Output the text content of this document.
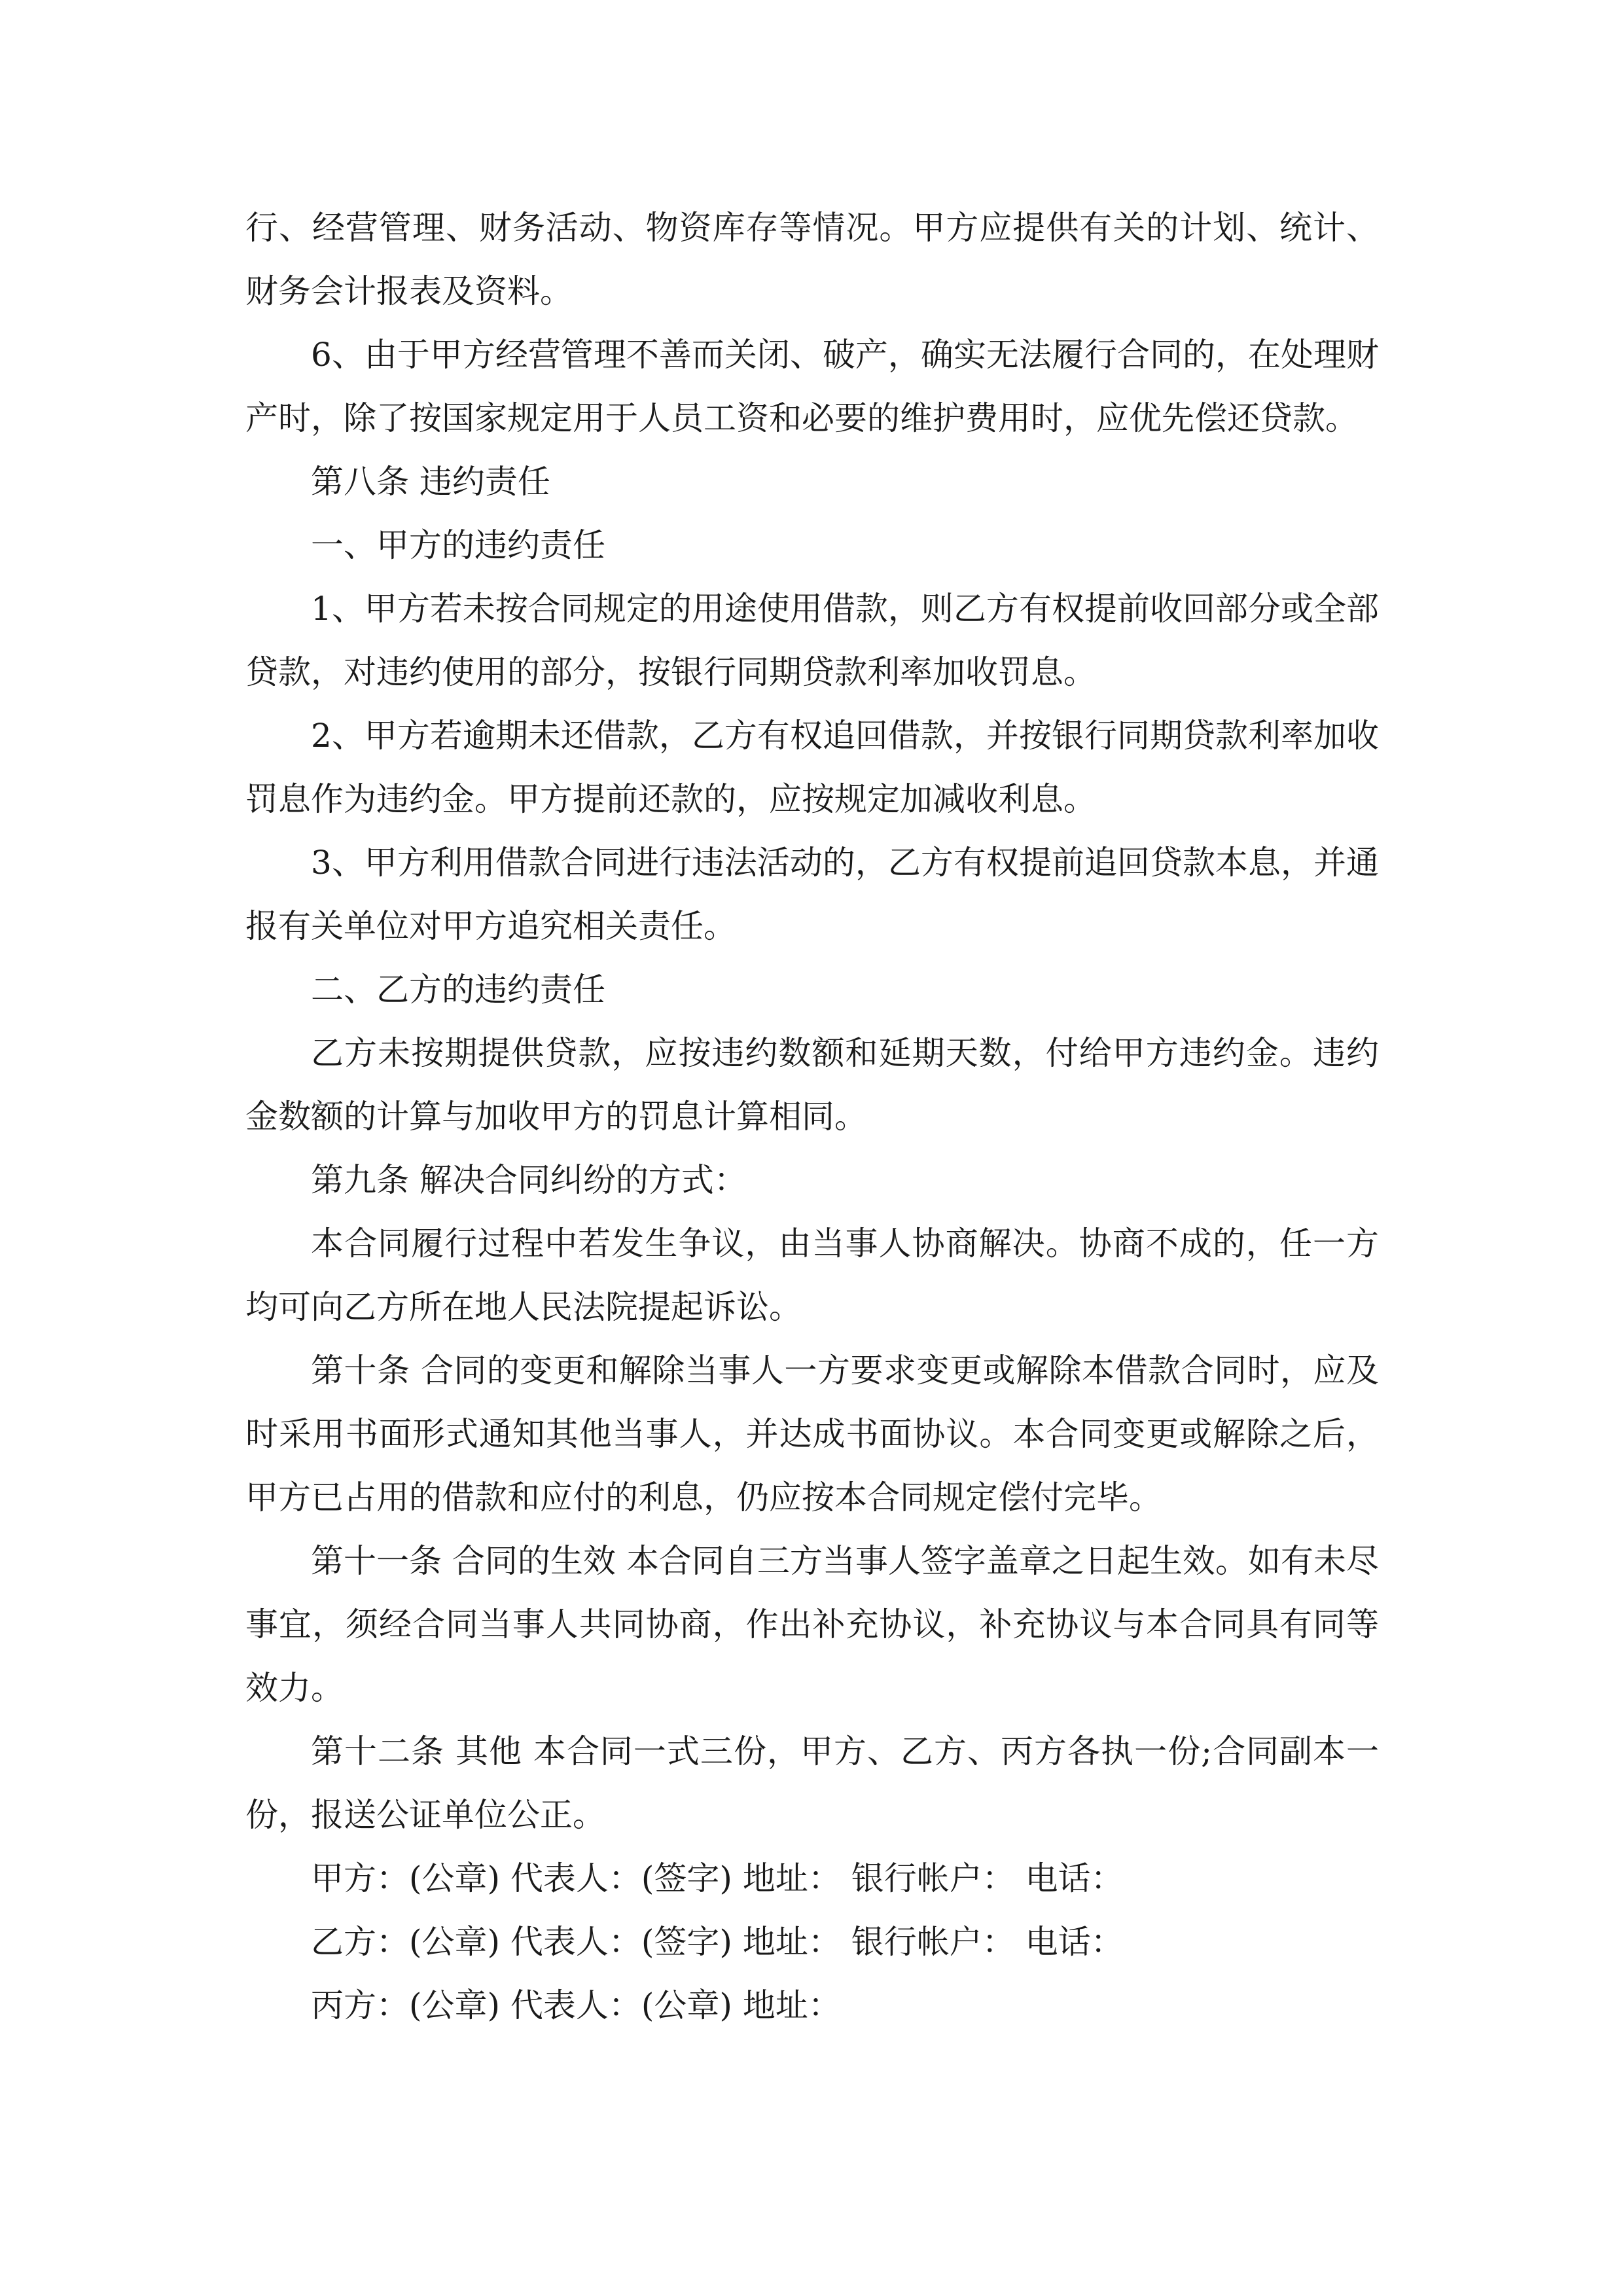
行、经营管理、财务活动、物资库存等情况。甲方应提供有关的计划、统计、财务会计报表及资料。

6、由于甲方经营管理不善而关闭、破产，确实无法履行合同的，在处理财产时，除了按国家规定用于人员工资和必要的维护费用时，应优先偿还贷款。

第八条 违约责任

一、甲方的违约责任

1、甲方若未按合同规定的用途使用借款，则乙方有权提前收回部分或全部贷款，对违约使用的部分，按银行同期贷款利率加收罚息。

2、甲方若逾期未还借款，乙方有权追回借款，并按银行同期贷款利率加收罚息作为违约金。甲方提前还款的，应按规定加减收利息。

3、甲方利用借款合同进行违法活动的，乙方有权提前追回贷款本息，并通报有关单位对甲方追究相关责任。

二、乙方的违约责任

乙方未按期提供贷款，应按违约数额和延期天数，付给甲方违约金。违约金数额的计算与加收甲方的罚息计算相同。

第九条 解决合同纠纷的方式：

本合同履行过程中若发生争议，由当事人协商解决。协商不成的，任一方均可向乙方所在地人民法院提起诉讼。

第十条 合同的变更和解除当事人一方要求变更或解除本借款合同时，应及时采用书面形式通知其他当事人，并达成书面协议。本合同变更或解除之后，甲方已占用的借款和应付的利息，仍应按本合同规定偿付完毕。

第十一条 合同的生效 本合同自三方当事人签字盖章之日起生效。如有未尽事宜，须经合同当事人共同协商，作出补充协议，补充协议与本合同具有同等效力。

第十二条 其他 本合同一式三份，甲方、乙方、丙方各执一份;合同副本一份，报送公证单位公正。

甲方：(公章) 代表人：(签字) 地址： 银行帐户： 电话：

乙方：(公章) 代表人：(签字) 地址： 银行帐户： 电话：

丙方：(公章) 代表人：(公章) 地址：
